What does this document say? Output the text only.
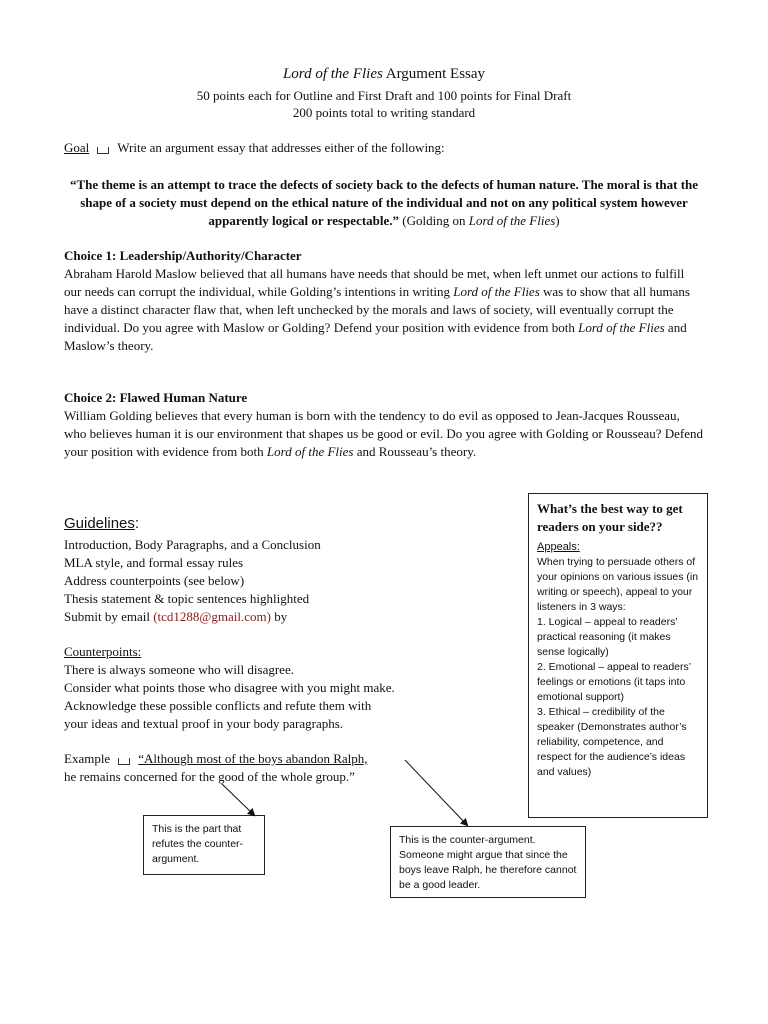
Lord of the Flies Argument Essay
50 points each for Outline and First Draft and 100 points for Final Draft
200 points total to writing standard
Goal Write an argument essay that addresses either of the following:
“The theme is an attempt to trace the defects of society back to the defects of human nature. The moral is that the shape of a society must depend on the ethical nature of the individual and not on any political system however apparently logical or respectable.” (Golding on Lord of the Flies)
Choice 1: Leadership/Authority/Character
Abraham Harold Maslow believed that all humans have needs that should be met, when left unmet our actions to fulfill our needs can corrupt the individual, while Golding’s intentions in writing Lord of the Flies was to show that all humans have a distinct character flaw that, when left unchecked by the morals and laws of society, will eventually corrupt the individual. Do you agree with Maslow or Golding? Defend your position with evidence from both Lord of the Flies and Maslow’s theory.
Choice 2: Flawed Human Nature
William Golding believes that every human is born with the tendency to do evil as opposed to Jean-Jacques Rousseau, who believes human it is our environment that shapes us be good or evil. Do you agree with Golding or Rousseau? Defend your position with evidence from both Lord of the Flies and Rousseau’s theory.
Guidelines:
Introduction, Body Paragraphs, and a Conclusion
MLA style, and formal essay rules
Address counterpoints (see below)
Thesis statement & topic sentences highlighted
Submit by email (tcd1288@gmail.com) by
Counterpoints:
There is always someone who will disagree.
Consider what points those who disagree with you might make.
Acknowledge these possible conflicts and refute them with
your ideas and textual proof in your body paragraphs.
Example “Although most of the boys abandon Ralph,
he remains concerned for the good of the whole group.”
What’s the best way to get readers on your side??
Appeals:
When trying to persuade others of your opinions on various issues (in writing or speech), appeal to your listeners in 3 ways:
1. Logical – appeal to readers’ practical reasoning (it makes sense logically)
2. Emotional – appeal to readers’ feelings or emotions (it taps into emotional support)
3. Ethical – credibility of the speaker (Demonstrates author’s reliability, competence, and respect for the audience’s ideas and values)
This is the part that refutes the counter-argument.
This is the counter-argument. Someone might argue that since the boys leave Ralph, he therefore cannot be a good leader.
